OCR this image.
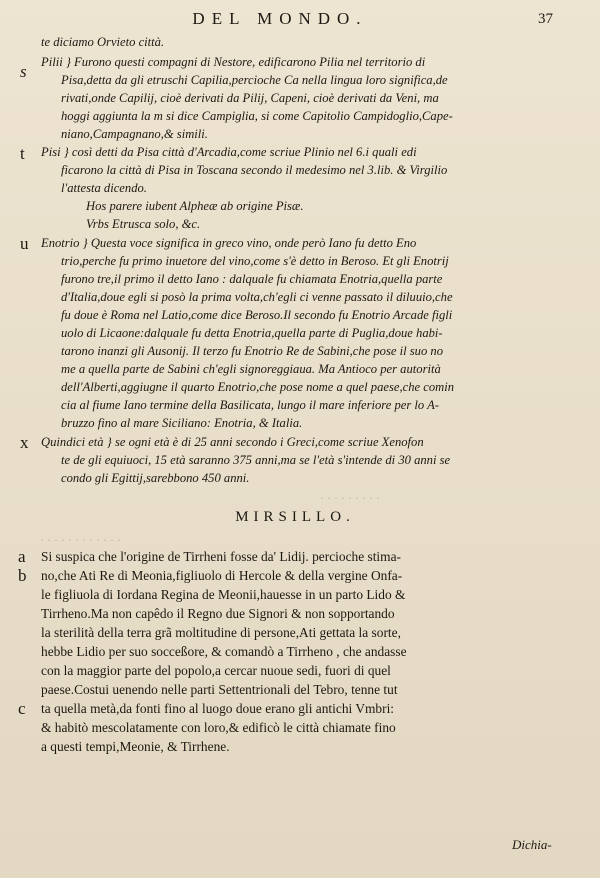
DEL MONDO.	37
te diciamo Orvieto città.
Pilii } Furono questi compagni di Nestore, edificarono Pilia nel territorio di
Pisa,detta da gli etruschi Capilia,percioche Ca nella lingua loro significa,de
rivati,onde Capilij, cioè derivati da Pilij, Capeni, cioè derivati da Veni, ma
hoggi aggiunta la m si dice Campiglia, si come Capitolio Campidoglio,Cape-
niano,Campagnano,& simili.
Pisi } così detti da Pisa città d'Arcadia,come scriue Plinio nel 6.i quali edi
ficarono la città di Pisa in Toscana secondo il medesimo nel 3.lib. & Virgilio
l'attesta dicendo.
Hos parere iubent Alpheæ ab origine Pisæ.
Vrbs Etrusca solo, &c.
Enotrio } Questa voce significa in greco vino, onde però Iano fu detto Eno
trio,perche fu primo inuetore del vino,come s'è detto in Beroso. Et gli Enotrij
furono tre,il primo il detto Iano : dalquale fu chiamata Enotria,quella parte
d'Italia,doue egli si posò la prima volta,ch'egli ci venne passato il diluuio,che
fu doue è Roma nel Latio,come dice Beroso.Il secondo fu Enotrio Arcade figli
uolo di Licaone:dalquale fu detta Enotria,quella parte di Puglia,doue habi-
tarono inanzi gli Ausonij. Il terzo fu Enotrio Re de Sabini,che pose il suo no
me a quella parte de Sabini ch'egli signoreggiaua. Ma Antioco per autorità
dell'Alberti,aggiugne il quarto Enotrio,che pose nome a quel paese,che comin
cia al fiume Iano termine della Basilicata, lungo il mare inferiore per lo A-
bruzzo fino al mare Siciliano: Enotria, & Italia.
Quindici età } se ogni età è di 25 anni secondo i Greci,come scriue Xenofon
te de gli equiuoci, 15 età saranno 375 anni,ma se l'età s'intende di 30 anni se
condo gli Egittij,sarebbono 450 anni.
s
t
u
x
· · · · · · · · ·
· · · · · · · · · · · ·
MIRSILLO.
Si suspica che l'origine de Tirrheni fosse da' Lidij. percioche stima-
no,che Ati Re di Meonia,figliuolo di Hercole & della vergine Onfa-
le figliuola di Iordana Regina de Meonii,hauesse in un parto Lido &
Tirrheno.Ma non capêdo il Regno due Signori & non sopportando
la sterilità della terra grã moltitudine di persone,Ati gettata la sorte,
hebbe Lidio per suo socceßore, & comandò a Tirrheno , che andasse
con la maggior parte del popolo,a cercar nuoue sedi, fuori di quel
paese.Costui uenendo nelle parti Settentrionali del Tebro, tenne tut
ta quella metà,da fonti fino al luogo doue erano gli antichi Vmbri:
& habitò mescolatamente con loro,& edificò le città chiamate fino
a questi tempi,Meonie, & Tirrhene.
a
b
c
Dichia-
